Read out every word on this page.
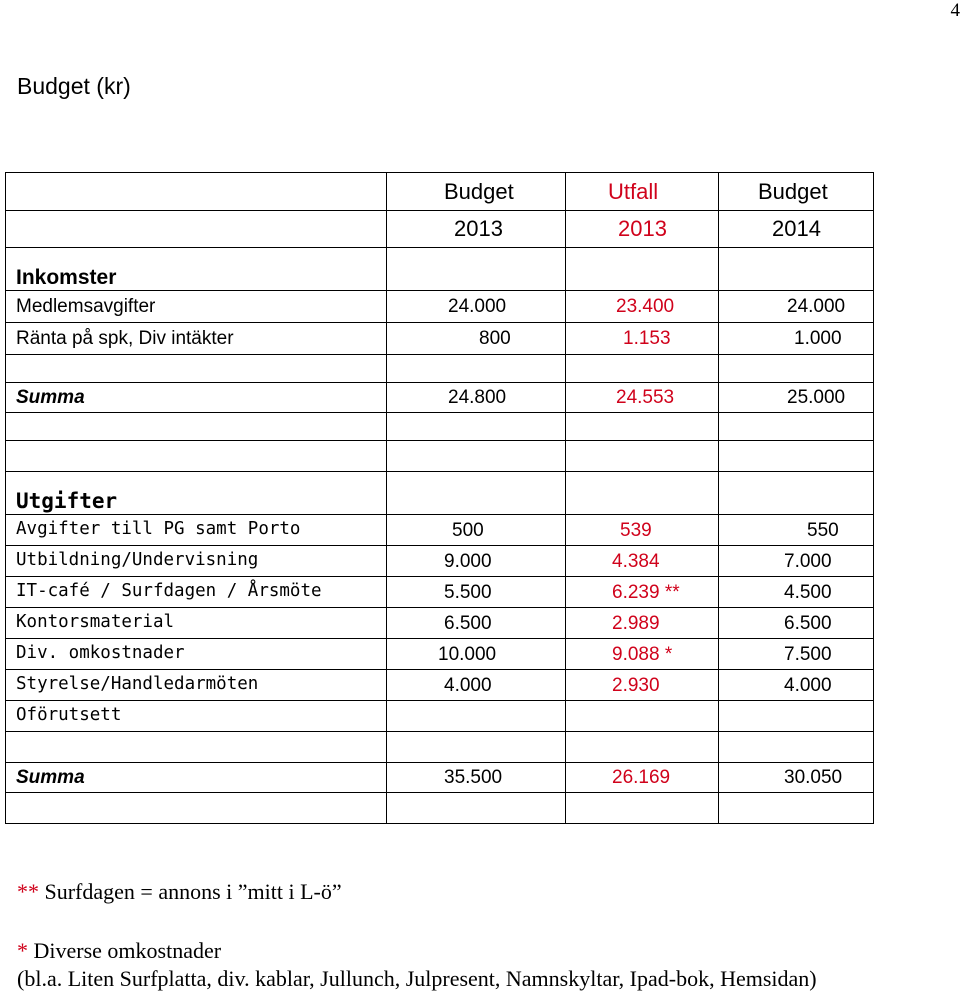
4
Budget (kr)
	Budget	Utfall	Budget
	2013	2013	2014
Inkomster			
Medlemsavgifter	24.000	23.400	24.000
Ränta på spk, Div intäkter	800	1.153	1.000

Summa	24.800	24.553	25.000

Utgifter			
Avgifter till PG samt Porto	500	539	550
Utbildning/Undervisning	9.000	4.384	7.000
IT-café / Surfdagen / Årsmöte	5.500	6.239 **	4.500
Kontorsmaterial	6.500	2.989	6.500
Div. omkostnader	10.000	9.088 *	7.500
Styrelse/Handledarmöten	4.000	2.930	4.000
Oförutsett			

Summa	35.500	26.169	30.050

** Surfdagen = annons i ”mitt i L-ö”
* Diverse omkostnader
(bl.a. Liten Surfplatta, div. kablar, Jullunch, Julpresent, Namnskyltar, Ipad-bok, Hemsidan)
